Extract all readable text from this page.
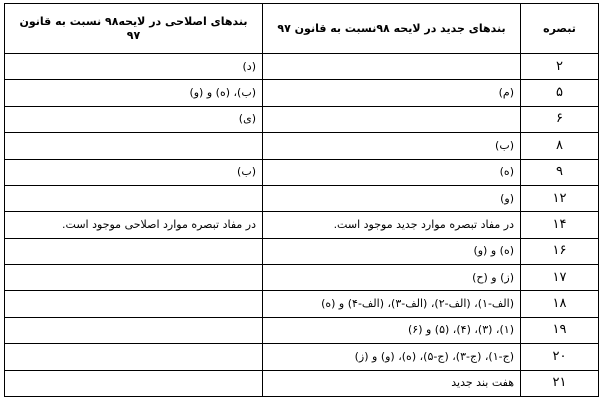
تبصره	بندهای جدید در لایحه ۹۸نسبت به قانون ۹۷	بندهای اصلاحی در لایحه۹۸ نسبت به قانون ۹۷
۲		(د)
۵	(م)	(ب)، (ه) و (و)
۶		(ی)
۸	(ب)	
۹	(ه)	(ب)
۱۲	(و)	
۱۴	در مفاد تبصره موارد جدید موجود است.	در مفاد تبصره موارد اصلاحی موجود است.
۱۶	(ه) و (و)	
۱۷	(ز) و (ح)	
۱۸	(الف-۱)، (الف-۲)، (الف-۳)، (الف-۴) و (ه)	
۱۹	(۱)، (۳)، (۴)، (۵) و (۶)	
۲۰	(ج-۱)، (ج-۳)، (ج-۵)، (ه)، (و) و (ز)	
۲۱	هفت بند جدید	
